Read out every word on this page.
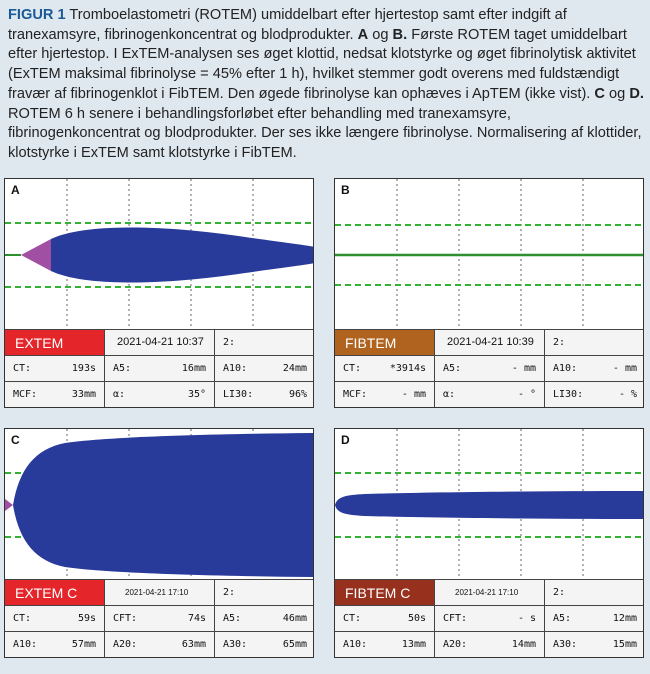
FIGUR 1 Tromboelastometri (ROTEM) umiddelbart efter hjertestop samt efter indgift af tranexamsyre, fibrinogenkoncentrat og blodprodukter. A og B. Første ROTEM taget umiddelbart efter hjertestop. I ExTEM-analysen ses øget klottid, nedsat klotstyrke og øget fibrinolytisk aktivitet (ExTEM maksimal fibrinolyse = 45% efter 1 h), hvilket stemmer godt overens med fuldstændigt fravær af fibrinogenklot i FibTEM. Den øgede fibrinolyse kan ophæves i ApTEM (ikke vist). C og D. ROTEM 6 h senere i behandlingsforløbet efter behandling med tranexamsyre, fibrinogenkoncentrat og blodprodukter. Der ses ikke længere fibrinolyse. Normalisering af klottider, klotstyrke i ExTEM samt klotstyrke i FibTEM.
A
EXTEM	2021-04-21 10:37	2:
CT:	193s A5:	16mm A10:	24mm
MCF:	33mm α:	35° LI30:	96%
B
FIBTEM	2021-04-21 10:39	2:
CT:	*3914s A5:	- mm A10:	- mm
MCF:	- mm α:	- ° LI30:	- %
C
EXTEM C	2021-04-21 17:10	2:
CT:	59s CFT:	74s A5:	46mm
A10:	57mm A20:	63mm A30:	65mm
D
FIBTEM C	2021-04-21 17:10	2:
CT:	50s CFT:	- s A5:	12mm
A10:	13mm A20:	14mm A30:	15mm
